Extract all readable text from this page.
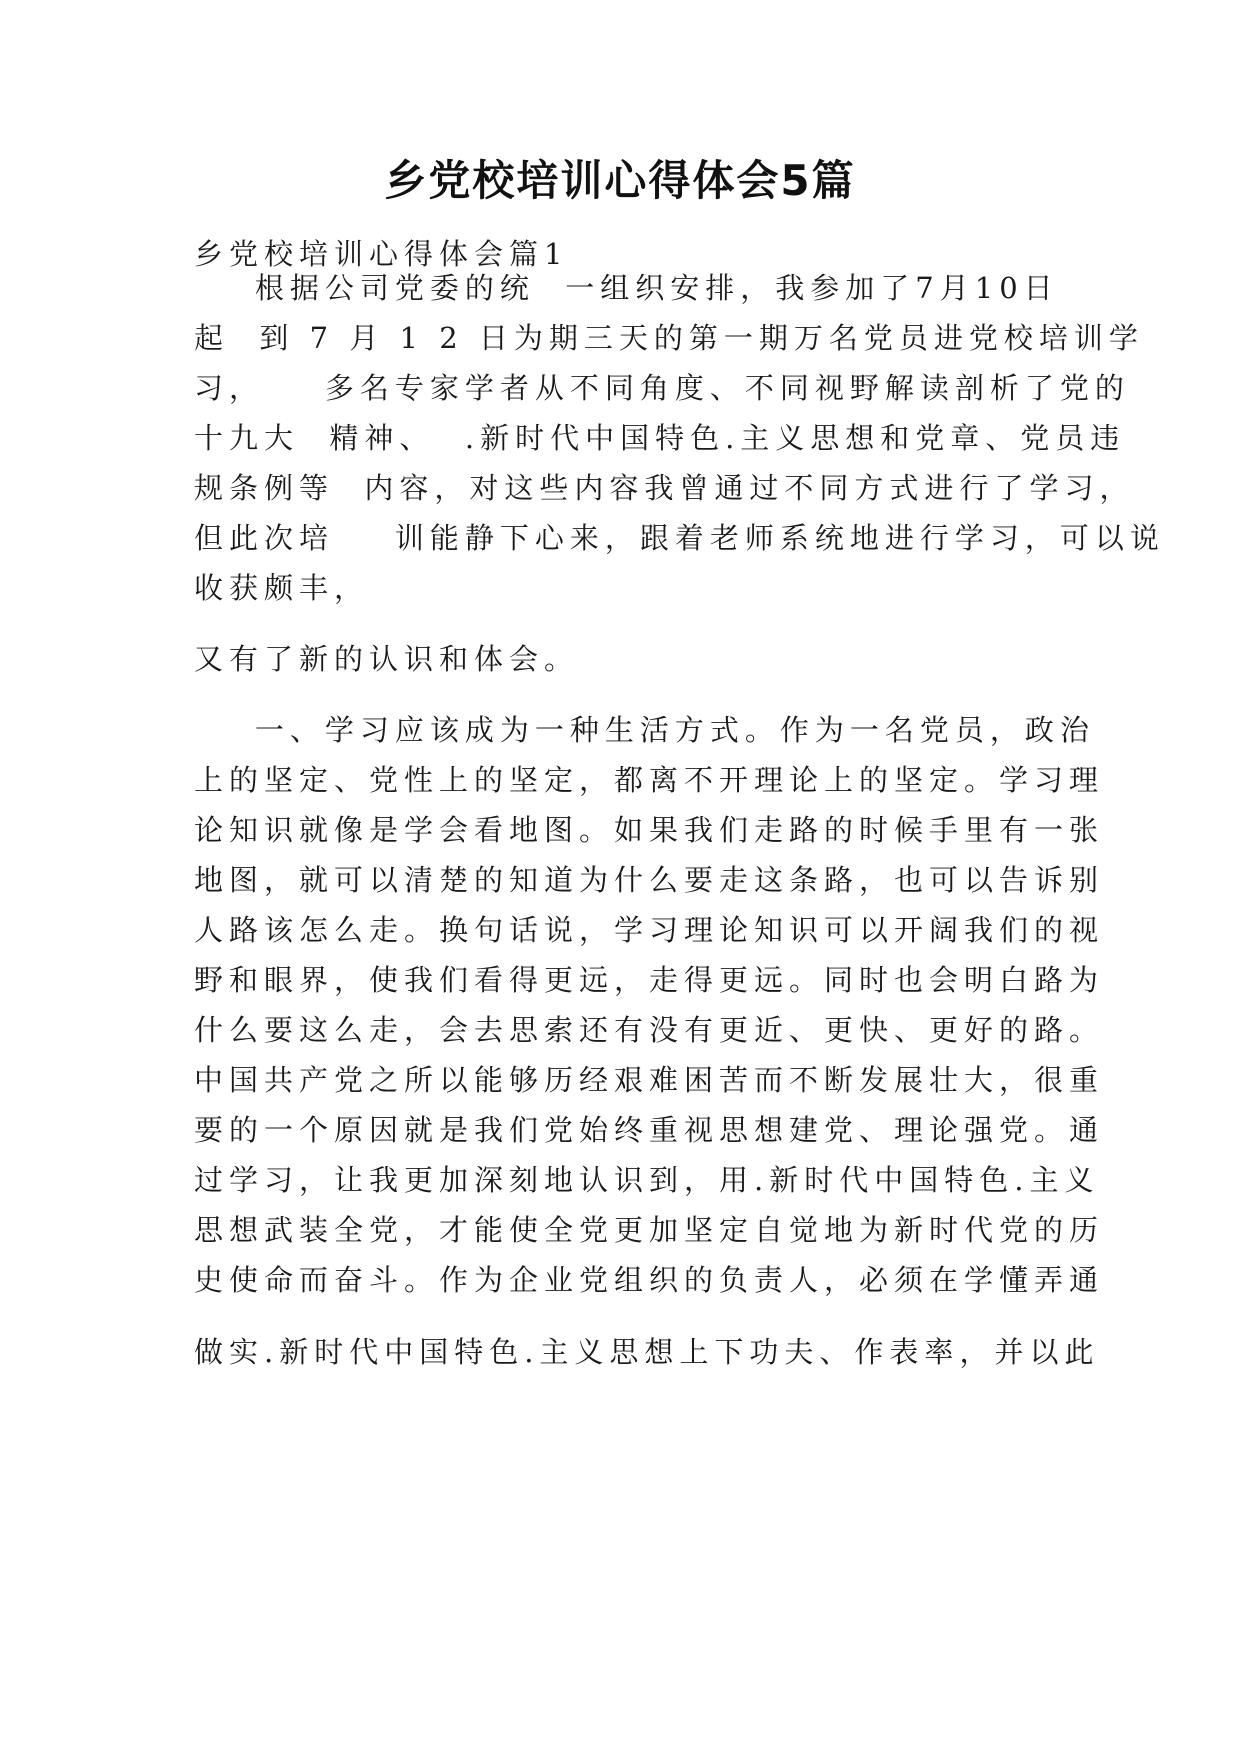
乡党校培训心得体会5篇
乡党校培训心得体会篇1
根据公司党委的统  一组织安排，我参加了7月10日
起  到 7 月 1 2 日为期三天的第一期万名党员进党校培训学
习，    多名专家学者从不同角度、不同视野解读剖析了党的
十九大  精神、  .新时代中国特色.主义思想和党章、党员违
规条例等  内容，对这些内容我曾通过不同方式进行了学习，
但此次培    训能静下心来，跟着老师系统地进行学习，可以说
收获颇丰，
又有了新的认识和体会。
一、学习应该成为一种生活方式。作为一名党员，政治
上的坚定、党性上的坚定，都离不开理论上的坚定。学习理
论知识就像是学会看地图。如果我们走路的时候手里有一张
地图，就可以清楚的知道为什么要走这条路，也可以告诉别
人路该怎么走。换句话说，学习理论知识可以开阔我们的视
野和眼界，使我们看得更远，走得更远。同时也会明白路为
什么要这么走，会去思索还有没有更近、更快、更好的路。
中国共产党之所以能够历经艰难困苦而不断发展壮大，很重
要的一个原因就是我们党始终重视思想建党、理论强党。通
过学习，让我更加深刻地认识到，用.新时代中国特色.主义
思想武装全党，才能使全党更加坚定自觉地为新时代党的历
史使命而奋斗。作为企业党组织的负责人，必须在学懂弄通
做实.新时代中国特色.主义思想上下功夫、作表率，并以此
